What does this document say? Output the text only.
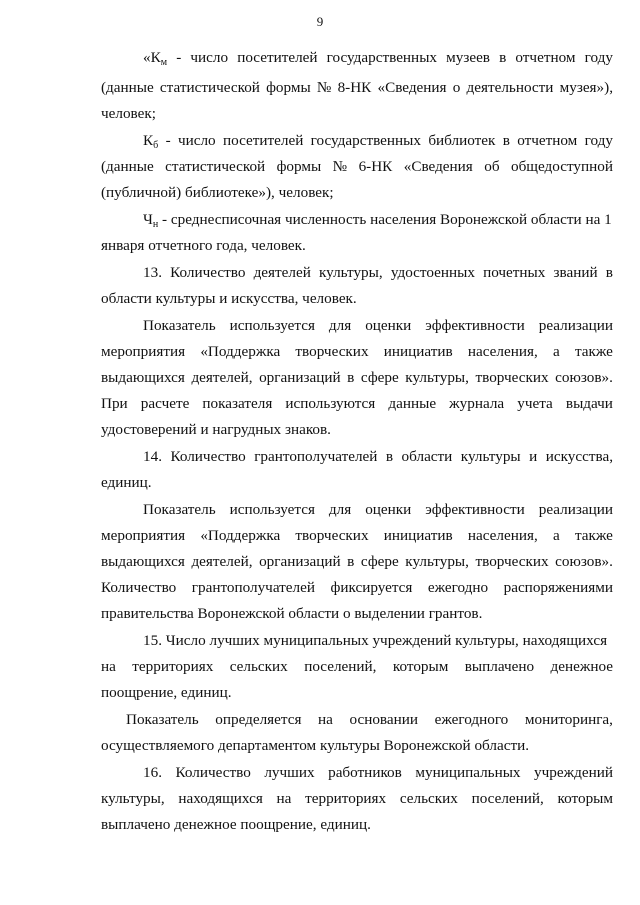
9
«$К_м$ - число посетителей государственных музеев в отчетном году
(данные статистической формы № 8-НК «Сведения о деятельности музея»),
человек;
$К_б$ - число посетителей государственных библиотек в отчетном году
(данные статистической формы № 6-НК «Сведения об общедоступной
(публичной) библиотеке»), человек;
$Ч_н$ - среднесписочная численность населения Воронежской области на 1
января отчетного года, человек.
13. Количество деятелей культуры, удостоенных почетных званий в
области культуры и искусства, человек.
Показатель используется для оценки эффективности реализации
мероприятия «Поддержка творческих инициатив населения, а также
выдающихся деятелей, организаций в сфере культуры, творческих союзов».
При расчете показателя используются данные журнала учета выдачи
удостоверений и нагрудных знаков.
14. Количество грантополучателей в области культуры и искусства,
единиц.
Показатель используется для оценки эффективности реализации
мероприятия «Поддержка творческих инициатив населения, а также
выдающихся деятелей, организаций в сфере культуры, творческих союзов».
Количество грантополучателей фиксируется ежегодно распоряжениями
правительства Воронежской области о выделении грантов.
15. Число лучших муниципальных учреждений культуры, находящихся
на территориях сельских поселений, которым выплачено денежное
поощрение, единиц.
Показатель определяется на основании ежегодного мониторинга,
осуществляемого департаментом культуры Воронежской области.
16. Количество лучших работников муниципальных учреждений
культуры, находящихся на территориях сельских поселений, которым
выплачено денежное поощрение, единиц.
